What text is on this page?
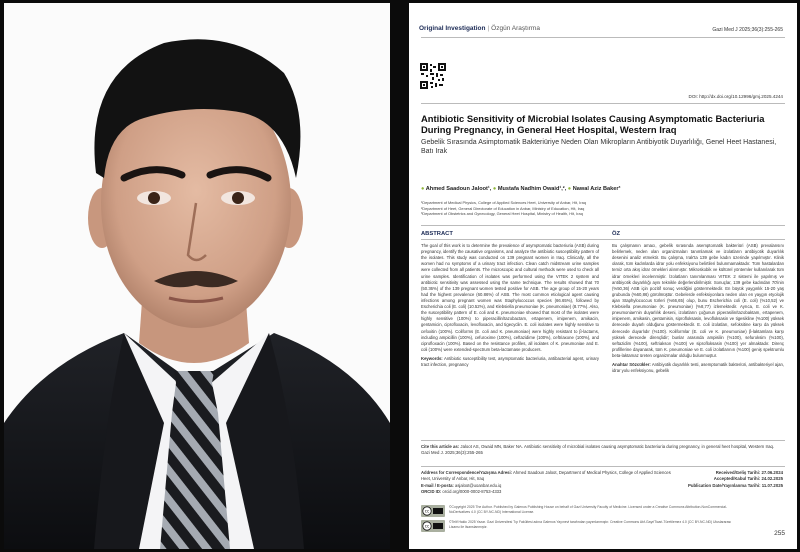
Original Investigation | Özgün Araştırma	Gazi Med J 2025;36(3):255-265
DOI: http://dx.doi.org/10.12996/gmj.2025.4244
Antibiotic Sensitivity of Microbial Isolates Causing Asymptomatic Bacteriuria During Pregnancy, in General Heet Hospital, Western Iraq
Gebelik Sırasında Asimptomatik Bakteriüriye Neden Olan Mikropların Antibiyotik Duyarlılığı, Genel Heet Hastanesi, Batı Irak
● Ahmed Saadoun Jaloot¹, ● Mustafa Nadhim Owaid¹,², ● Nawal Aziz Baker³
¹Department of Medical Physics, College of Applied Sciences Heet, University of Anbar, Hit, Iraq
²Department of Heet, General Directorate of Education in Anbar, Ministry of Education, Hit, Iraq
³Department of Obstetrics and Gynecology, General Heet Hospital, Ministry of Health, Hit, Iraq
ABSTRACT	ÖZ
The goal of this work is to determine the prevalence of asymptomatic bacteriuria (ASB) during pregnancy, identify the causative organisms, and analyze the antibiotic susceptibility pattern of the isolates. This study was conducted on 139 pregnant women in Iraq. Clinically, all the women had no symptoms of a urinary tract infection. Clean catch midstream urine samples were collected from all patients. The microscopic and cultural methods were used to check all urine samples. Identification of isolates was performed using the VITEK 2 system and antibiotic sensitivity was assessed using the same technique. The results showed that 70 (50.36%) of the 139 pregnant women tested positive for ASB. The age group of 15-20 years had the highest prevalence (60.86%) of ASB. The most common etiological agent causing infections among pregnant women was Staphylococcus species (66.65%), followed by Escherichia coli (E. coli) (10.52%), and Klebsiella pneumoniae (K. pneumoniae) (8.77%). Also, the susceptibility pattern of E. coli and K. pneumoniae showed that most of the isolates were highly sensitive (100%) to piperacillin/tazobactam, ertapenem, imipenem, amikacin, gentamicin, ciprofloxacin, levofloxacin, and tigecyclin. E. coli isolates were highly sensitive to cefoxitin (100%). Coliforms (E. coli and K. pneumoniae) were highly resistant to β-lactams, including ampicillin (100%), cefuroxime (100%), ceftazidime (100%), ceftriaxone (100%), and ciprofloxacin (100%). Based on the resistance profiles, all isolates of K. pneumoniae and E. coli (100%) were extended-spectrum beta-lactamase producers.
Keywords: Antibiotic susceptibility test, asymptomatic bacteriuria, antibacterial agent, urinary tract infection, pregnancy
Bu çalışmanın amacı, gebelik sırasında asemptomatik bakteriüri (ASB) prevalansını belirlemek, neden olan organizmaları tanımlamak ve izolatların antibiyotik duyarlılık desenini analiz etmektir. Bu çalışma, Irak'ta 139 gebe kadın üzerinde yapılmıştır. Klinik olarak, tüm kadınlarda idrar yolu enfeksiyonu belirtileri bulunmamaktadır. Tüm hastalardan temiz orta akış idrar örnekleri alınmıştır. Mikroskobik ve kültürel yöntemler kullanılarak tüm idrar örnekleri incelenmiştir. İzolatların tanımlanması VITEK 2 sistemi ile yapılmış ve antibiyotik duyarlılığı aynı teknikle değerlendirilmiştir. Sonuçlar, 139 gebe kadından 70'inin (%50,36) ASB için pozitif sonuç verdiğini göstermektedir. En büyük yaygınlık 15-20 yaş grubunda (%60,86) görülmüştür. Gebelerde enfeksiyonlara neden olan en yaygın etyolojik ajan Staphylococcus türleri (%66,65) olup, bunu Escherichia coli (E. coli) (%10,52) ve Klebsiella pneumoniae (K. pneumoniae) (%8,77) izlemektedir. Ayrıca, E. coli ve K. pneumoniae'nin duyarlılık deseni, izolatların çoğunun piperasilin/tazobaktam, ertapenem, imipenem, amikasin, gentamisin, siprofloksasin, levofloksasin ve tigesikline (%100) yüksek derecede duyarlı olduğunu göstermektedir. E. coli izolatları, sefoksitine karşı da yüksek derecede duyarlıdır (%100). Koliformlar (E. coli ve K. pneumoniae) β-laktamlara karşı yüksek derecede dirençlidir; bunlar arasında ampisilin (%100), sefuroksim (%100), seftazidim (%100), seftriakson (%100) ve siprofloksasin (%100) yer almaktadır. Direnç profillerine dayanarak, tüm K. pneumoniae ve E. coli izolatlarının (%100) geniş spektrumlu beta-laktamaz üreten organizmalar olduğu bulunmuştur.
Anahtar Sözcükler: Antibiyotik duyarlılık testi, asemptomatik bakteriüri, antibakteriyel ajan, idrar yolu enfeksiyonu, gebelik
Cite this article as: Jaloot AS, Owaid MN, Baker NA. Antibiotic sensitivity of microbial isolates causing asymptomatic bacteriuria during pregnancy, in general heet hospital, Western Iraq. Gazi Med J. 2025;36(3):255-265
Address for Correspondence/Yazışma Adresi: Ahmed Saadoun Jaloot, Department of Medical Physics, College of Applied Sciences Heet, University of Anbar, Hit, Iraq
E-mail / E-posta: asjaloot@uoanbar.edu.iq
ORCID ID: orcid.org/0000-0002-8753-4333
Received/Geliş Tarihi: 27.06.2024
Accepted/Kabul Tarihi: 24.02.2025
Publication Date/Yayınlanma Tarihi: 11.07.2025
cc
©Copyright 2025 The Author. Published by Galenos Publishing House on behalf of Gazi University Faculty of Medicine. Licensed under a Creative Commons Attribution-NonCommercial-NoDerivatives 4.0 (CC BY-NC-ND) International License.
cc
©Telif Hakkı 2025 Yazar. Gazi Üniversitesi Tıp Fakültesi adına Galenos Yayınevi tarafından yayımlanmıştır. Creative Commons Atıf-GayriTicari-Türetilemez 4.0 (CC BY-NC-ND) Uluslararası Lisansı ile lisanslanmıştır.
255
